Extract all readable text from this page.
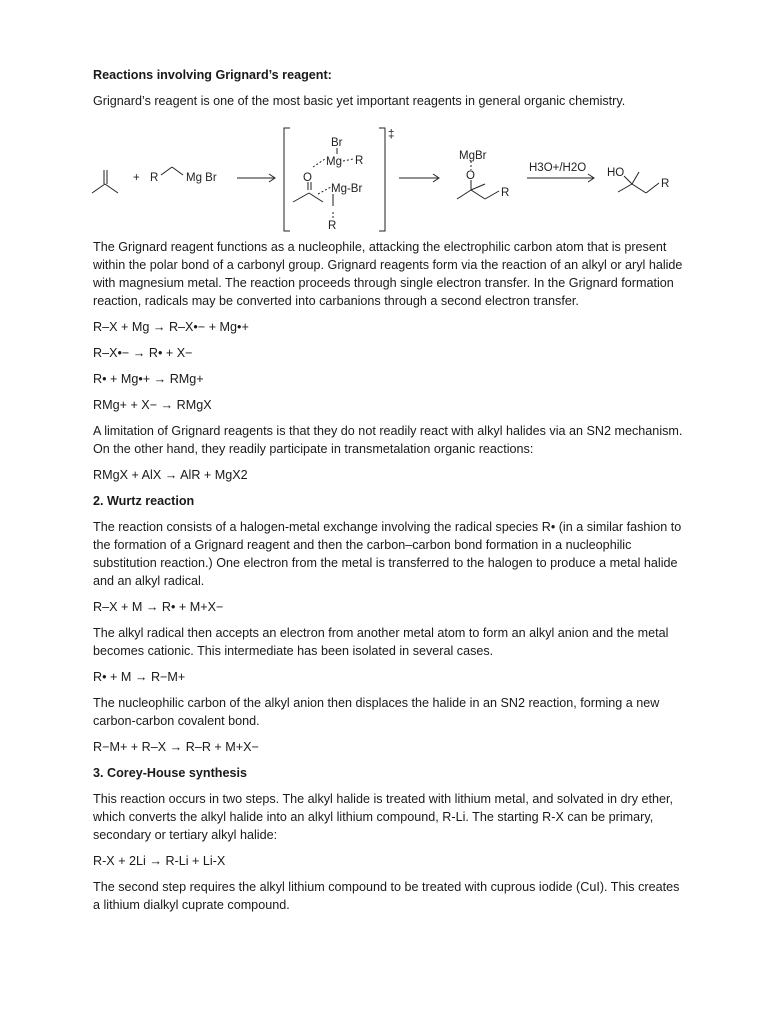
Reactions involving Grignard’s reagent:

Grignard’s reagent is one of the most basic yet important reagents in general organic chemistry.

+ R Mg Br
Br
Mg R
O
Mg-Br
R
‡
MgBr
O
R
H3O+/H2O HO
R

The Grignard reagent functions as a nucleophile, attacking the electrophilic carbon atom that is present within the polar bond of a carbonyl group. Grignard reagents form via the reaction of an alkyl or aryl halide with magnesium metal. The reaction proceeds through single electron transfer. In the Grignard formation reaction, radicals may be converted into carbanions through a second electron transfer.

R–X + Mg → R–X•− + Mg•+

R–X•− → R• + X−

R• + Mg•+ → RMg+

RMg+ + X− → RMgX

A limitation of Grignard reagents is that they do not readily react with alkyl halides via an SN2 mechanism. On the other hand, they readily participate in transmetalation organic reactions:

RMgX + AlX → AlR + MgX2

2. Wurtz reaction

The reaction consists of a halogen-metal exchange involving the radical species R• (in a similar fashion to the formation of a Grignard reagent and then the carbon–carbon bond formation in a nucleophilic substitution reaction.) One electron from the metal is transferred to the halogen to produce a metal halide and an alkyl radical.

R–X + M → R• + M+X−

The alkyl radical then accepts an electron from another metal atom to form an alkyl anion and the metal becomes cationic. This intermediate has been isolated in several cases.

R• + M → R−M+

The nucleophilic carbon of the alkyl anion then displaces the halide in an SN2 reaction, forming a new carbon-carbon covalent bond.

R−M+ + R–X → R–R + M+X−

3. Corey-House synthesis

This reaction occurs in two steps. The alkyl halide is treated with lithium metal, and solvated in dry ether, which converts the alkyl halide into an alkyl lithium compound, R-Li. The starting R-X can be primary, secondary or tertiary alkyl halide:

R-X + 2Li → R-Li + Li-X

The second step requires the alkyl lithium compound to be treated with cuprous iodide (CuI). This creates a lithium dialkyl cuprate compound.
